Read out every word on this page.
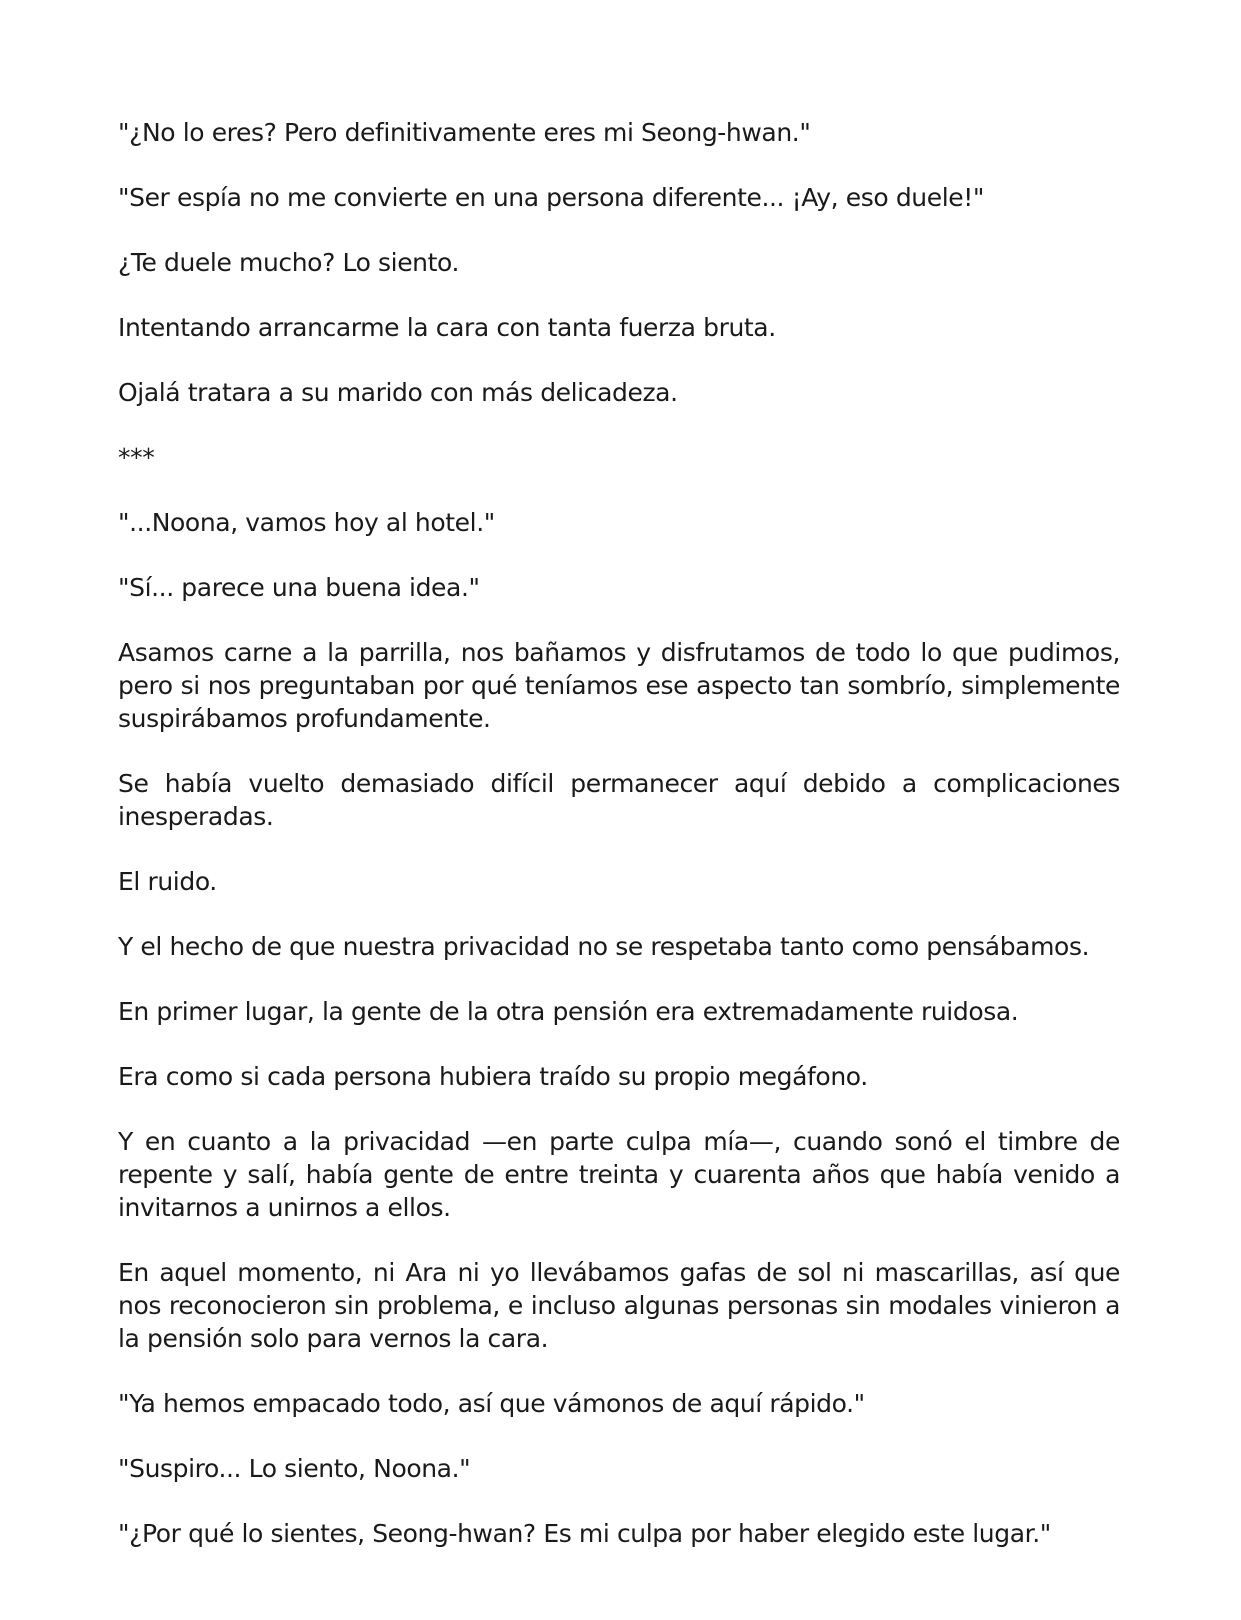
"¿No lo eres? Pero definitivamente eres mi Seong-hwan."

"Ser espía no me convierte en una persona diferente... ¡Ay, eso duele!"

¿Te duele mucho? Lo siento.

Intentando arrancarme la cara con tanta fuerza bruta.

Ojalá tratara a su marido con más delicadeza.

***

"...Noona, vamos hoy al hotel."

"Sí... parece una buena idea."

Asamos carne a la parrilla, nos bañamos y disfrutamos de todo lo que pudimos, pero si nos preguntaban por qué teníamos ese aspecto tan sombrío, simplemente suspirábamos profundamente.

Se había vuelto demasiado difícil permanecer aquí debido a complicaciones inesperadas.

El ruido.

Y el hecho de que nuestra privacidad no se respetaba tanto como pensábamos.

En primer lugar, la gente de la otra pensión era extremadamente ruidosa.

Era como si cada persona hubiera traído su propio megáfono.

Y en cuanto a la privacidad —en parte culpa mía—, cuando sonó el timbre de repente y salí, había gente de entre treinta y cuarenta años que había venido a invitarnos a unirnos a ellos.

En aquel momento, ni Ara ni yo llevábamos gafas de sol ni mascarillas, así que nos reconocieron sin problema, e incluso algunas personas sin modales vinieron a la pensión solo para vernos la cara.

"Ya hemos empacado todo, así que vámonos de aquí rápido."

"Suspiro... Lo siento, Noona."

"¿Por qué lo sientes, Seong-hwan? Es mi culpa por haber elegido este lugar."
